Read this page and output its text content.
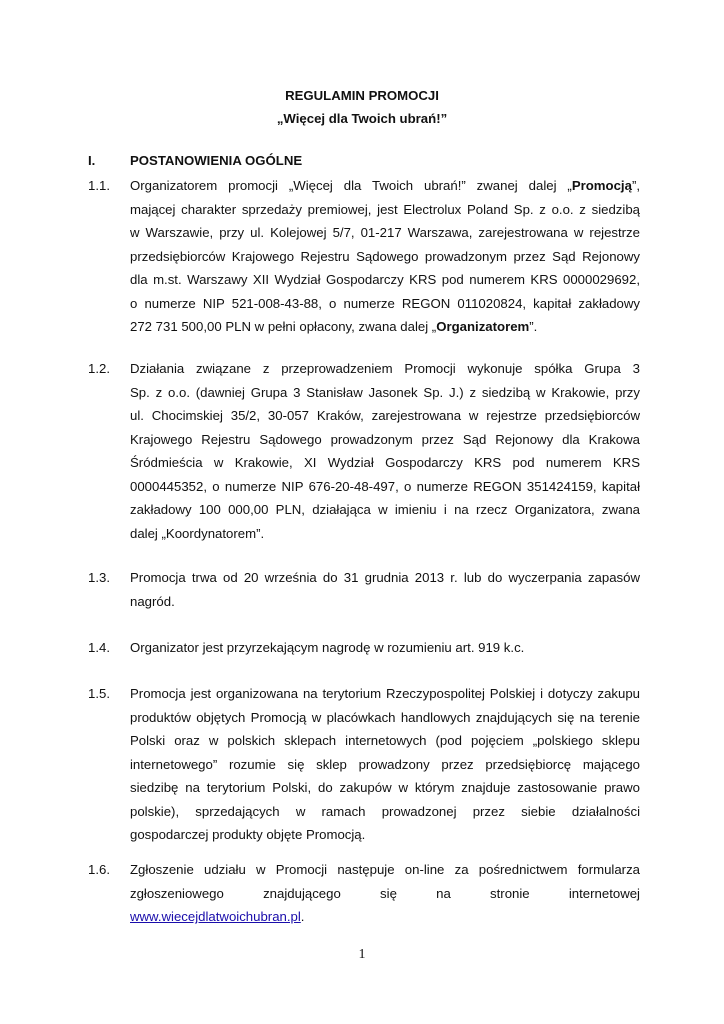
REGULAMIN PROMOCJI
„Więcej dla Twoich ubrań!”
I.	POSTANOWIENIA OGÓLNE
1.1. Organizatorem promocji „Więcej dla Twoich ubrań!” zwanej dalej „Promocją”,
mającej charakter sprzedaży premiowej, jest Electrolux Poland Sp. z o.o. z siedzibą
w Warszawie, przy ul. Kolejowej 5/7, 01-217 Warszawa, zarejestrowana w rejestrze
przedsiębiorców Krajowego Rejestru Sądowego prowadzonym przez Sąd Rejonowy
dla m.st. Warszawy XII Wydział Gospodarczy KRS pod numerem KRS 0000029692,
o numerze NIP 521-008-43-88, o numerze REGON 011020824, kapitał zakładowy
272 731 500,00 PLN w pełni opłacony, zwana dalej „Organizatorem”.
1.2. Działania związane z przeprowadzeniem Promocji wykonuje spółka Grupa 3
Sp. z o.o. (dawniej Grupa 3 Stanisław Jasonek Sp. J.) z siedzibą w Krakowie, przy
ul. Chocimskiej 35/2, 30-057 Kraków, zarejestrowana w rejestrze przedsiębiorców
Krajowego Rejestru Sądowego prowadzonym przez Sąd Rejonowy dla Krakowa
Śródmieścia w Krakowie, XI Wydział Gospodarczy KRS pod numerem KRS
0000445352, o numerze NIP 676-20-48-497, o numerze REGON 351424159, kapitał
zakładowy 100 000,00 PLN, działająca w imieniu i na rzecz Organizatora, zwana
dalej „Koordynatorem”.
1.3. Promocja trwa od 20 września do 31 grudnia 2013 r. lub do wyczerpania zapasów
nagród.
1.4. Organizator jest przyrzekającym nagrodę w rozumieniu art. 919 k.c.
1.5. Promocja jest organizowana na terytorium Rzeczypospolitej Polskiej i dotyczy zakupu
produktów objętych Promocją w placówkach handlowych znajdujących się na terenie
Polski oraz w polskich sklepach internetowych (pod pojęciem „polskiego sklepu
internetowego” rozumie się sklep prowadzony przez przedsiębiorcę mającego
siedzibę na terytorium Polski, do zakupów w którym znajduje zastosowanie prawo
polskie), sprzedających w ramach prowadzonej przez siebie działalności
gospodarczej produkty objęte Promocją.
1.6. Zgłoszenie udziału w Promocji następuje on-line za pośrednictwem formularza
zgłoszeniowego znajdującego się na stronie internetowej
www.wiecejdlatwoichubran.pl.
1
